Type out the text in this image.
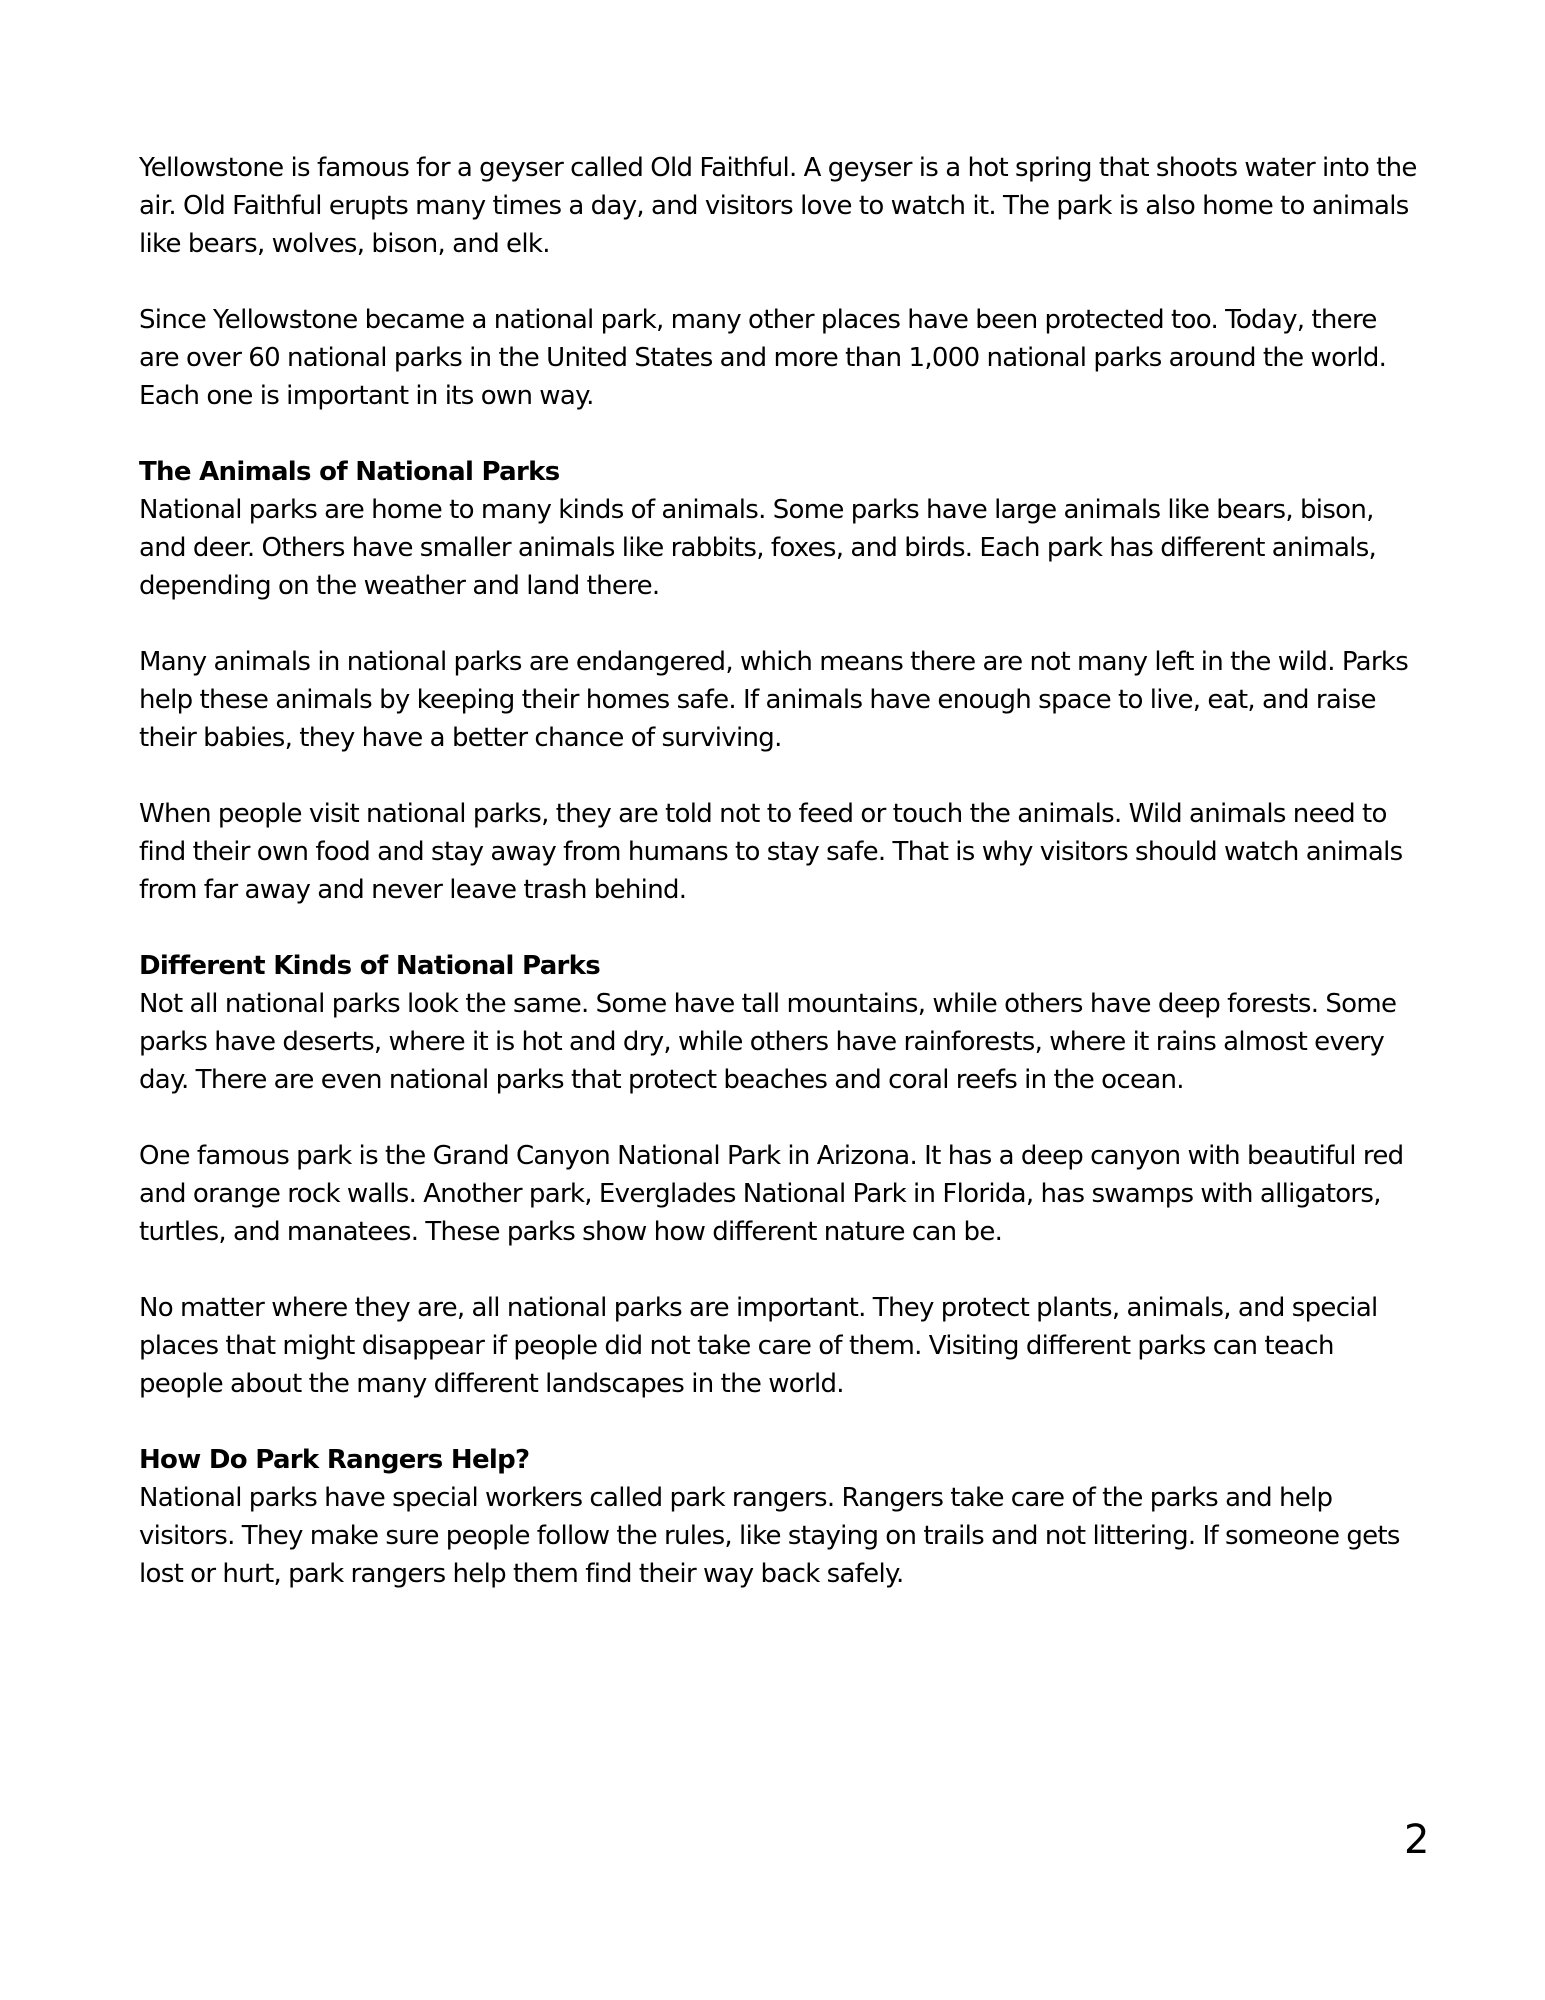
Yellowstone is famous for a geyser called Old Faithful. A geyser is a hot spring that shoots water into the air. Old Faithful erupts many times a day, and visitors love to watch it. The park is also home to animals like bears, wolves, bison, and elk.

Since Yellowstone became a national park, many other places have been protected too. Today, there are over 60 national parks in the United States and more than 1,000 national parks around the world. Each one is important in its own way.

The Animals of National Parks

National parks are home to many kinds of animals. Some parks have large animals like bears, bison, and deer. Others have smaller animals like rabbits, foxes, and birds. Each park has different animals, depending on the weather and land there.

Many animals in national parks are endangered, which means there are not many left in the wild. Parks help these animals by keeping their homes safe. If animals have enough space to live, eat, and raise their babies, they have a better chance of surviving.

When people visit national parks, they are told not to feed or touch the animals. Wild animals need to find their own food and stay away from humans to stay safe. That is why visitors should watch animals from far away and never leave trash behind.

Different Kinds of National Parks

Not all national parks look the same. Some have tall mountains, while others have deep forests. Some parks have deserts, where it is hot and dry, while others have rainforests, where it rains almost every day. There are even national parks that protect beaches and coral reefs in the ocean.

One famous park is the Grand Canyon National Park in Arizona. It has a deep canyon with beautiful red and orange rock walls. Another park, Everglades National Park in Florida, has swamps with alligators, turtles, and manatees. These parks show how different nature can be.

No matter where they are, all national parks are important. They protect plants, animals, and special places that might disappear if people did not take care of them. Visiting different parks can teach people about the many different landscapes in the world.

How Do Park Rangers Help?

National parks have special workers called park rangers. Rangers take care of the parks and help visitors. They make sure people follow the rules, like staying on trails and not littering. If someone gets lost or hurt, park rangers help them find their way back safely.

2
